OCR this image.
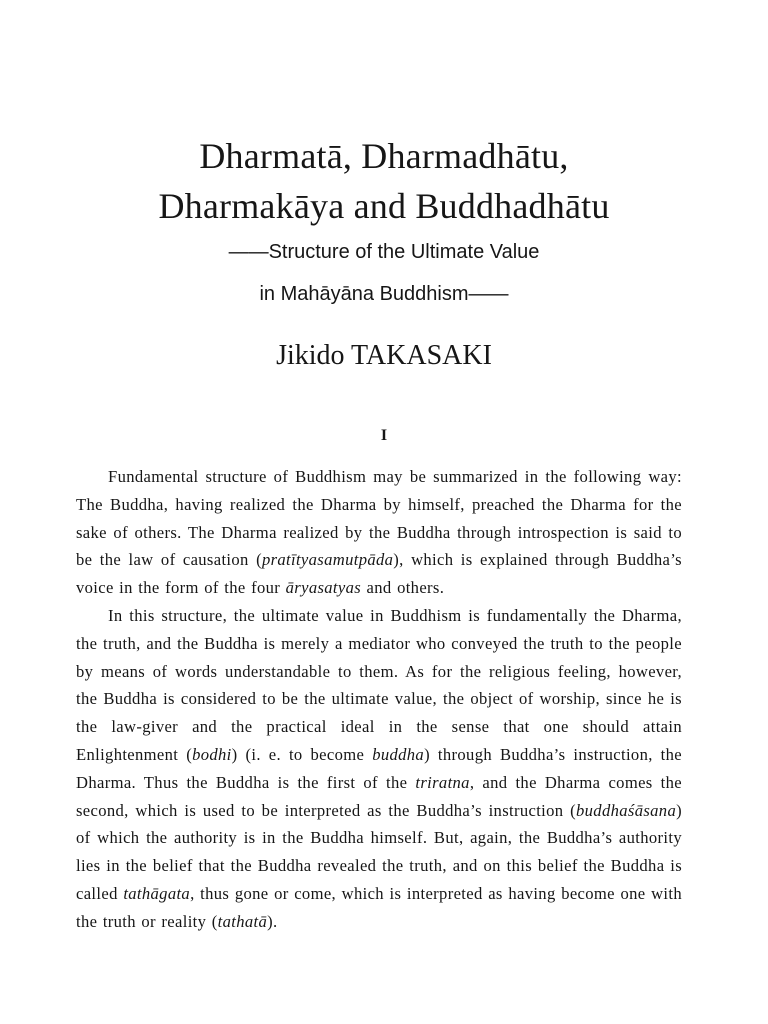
Dharmatā, Dharmadhātu,
Dharmakāya and Buddhadhātu
——Structure of the Ultimate Value
in Mahāyāna Buddhism——
Jikido TAKASAKI
I

Fundamental structure of Buddhism may be summarized in the following way: The Buddha, having realized the Dharma by himself, preached the Dharma for the sake of others. The Dharma realized by the Buddha through introspection is said to be the law of causation (pratītyasamutpāda), which is explained through Buddha’s voice in the form of the four āryasatyas and others.

In this structure, the ultimate value in Buddhism is fundamentally the Dharma, the truth, and the Buddha is merely a mediator who conveyed the truth to the people by means of words understandable to them. As for the religious feeling, however, the Buddha is considered to be the ultimate value, the object of worship, since he is the law-giver and the practical ideal in the sense that one should attain Enlightenment (bodhi) (i. e. to become buddha) through Buddha’s instruction, the Dharma. Thus the Buddha is the first of the triratna, and the Dharma comes the second, which is used to be interpreted as the Buddha’s instruction (buddhaśāsana) of which the authority is in the Buddha himself. But, again, the Buddha’s authority lies in the belief that the Buddha revealed the truth, and on this belief the Buddha is called tathāgata, thus gone or come, which is interpreted as having become one with the truth or reality (tathatā).
